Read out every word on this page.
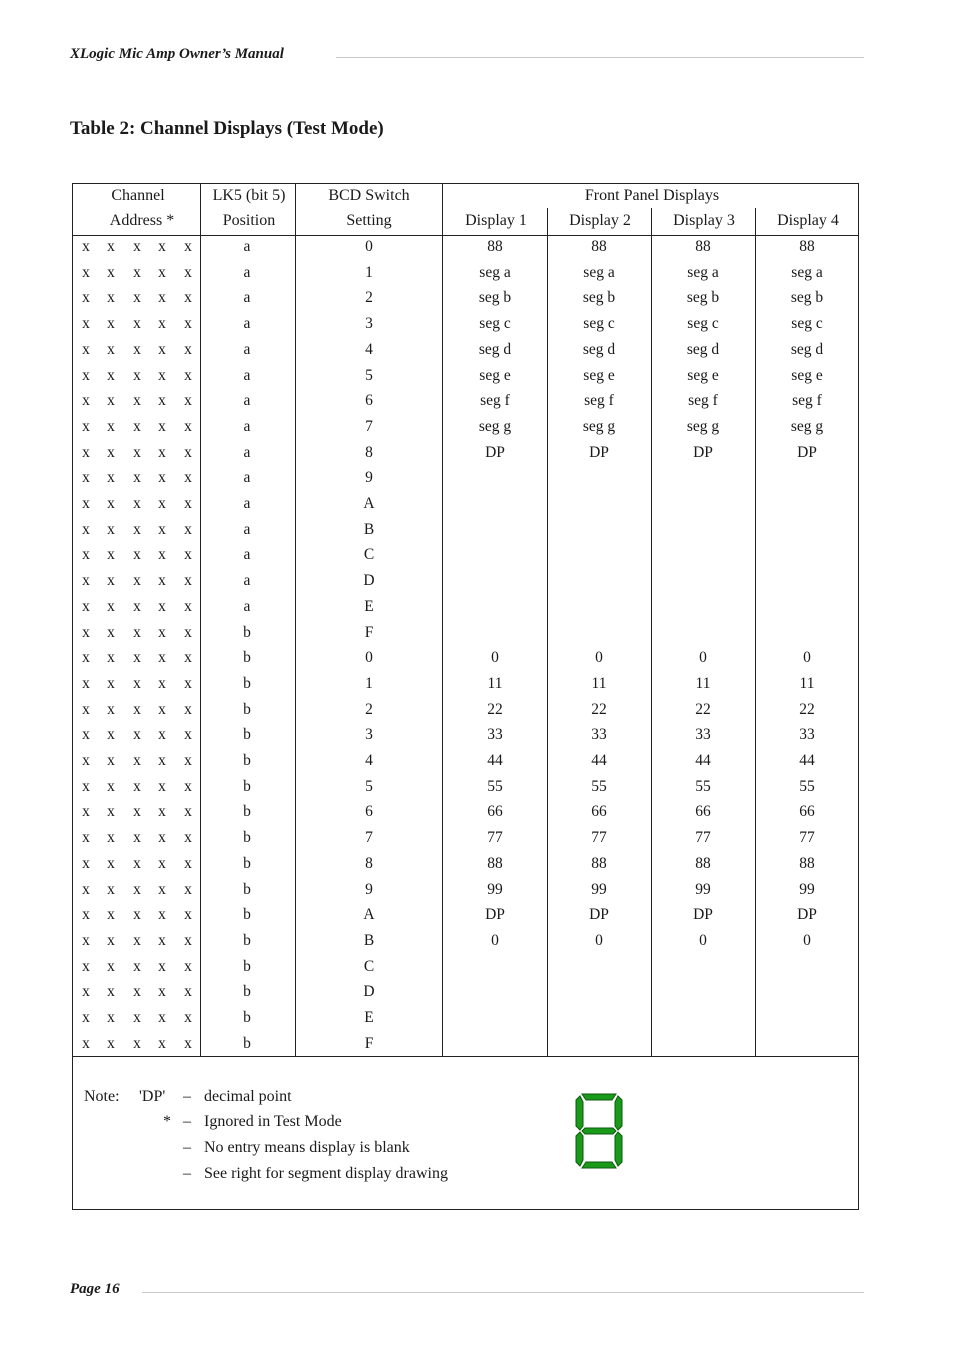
XLogic Mic Amp Owner’s Manual
Table 2: Channel Displays (Test Mode)
Channel
Address *
LK5 (bit 5)
Position
BCD Switch
Setting
Front Panel Displays
Display 1	Display 2	Display 3	Display 4
x x x x x	a	0	88	88	88	88
x x x x x	a	1	seg a	seg a	seg a	seg a
x x x x x	a	2	seg b	seg b	seg b	seg b
x x x x x	a	3	seg c	seg c	seg c	seg c
x x x x x	a	4	seg d	seg d	seg d	seg d
x x x x x	a	5	seg e	seg e	seg e	seg e
x x x x x	a	6	seg f	seg f	seg f	seg f
x x x x x	a	7	seg g	seg g	seg g	seg g
x x x x x	a	8	DP	DP	DP	DP
x x x x x	a	9
x x x x x	a	A
x x x x x	a	B
x x x x x	a	C
x x x x x	a	D
x x x x x	a	E
x x x x x	b	F
x x x x x	b	0	0	0	0	0
x x x x x	b	1	11	11	11	11
x x x x x	b	2	22	22	22	22
x x x x x	b	3	33	33	33	33
x x x x x	b	4	44	44	44	44
x x x x x	b	5	55	55	55	55
x x x x x	b	6	66	66	66	66
x x x x x	b	7	77	77	77	77
x x x x x	b	8	88	88	88	88
x x x x x	b	9	99	99	99	99
x x x x x	b	A	DP	DP	DP	DP
x x x x x	b	B	0	0	0	0
x x x x x	b	C
x x x x x	b	D
x x x x x	b	E
x x x x x	b	F
Note: 'DP' – decimal point
* – Ignored in Test Mode
– No entry means display is blank
– See right for segment display drawing
Page 16
